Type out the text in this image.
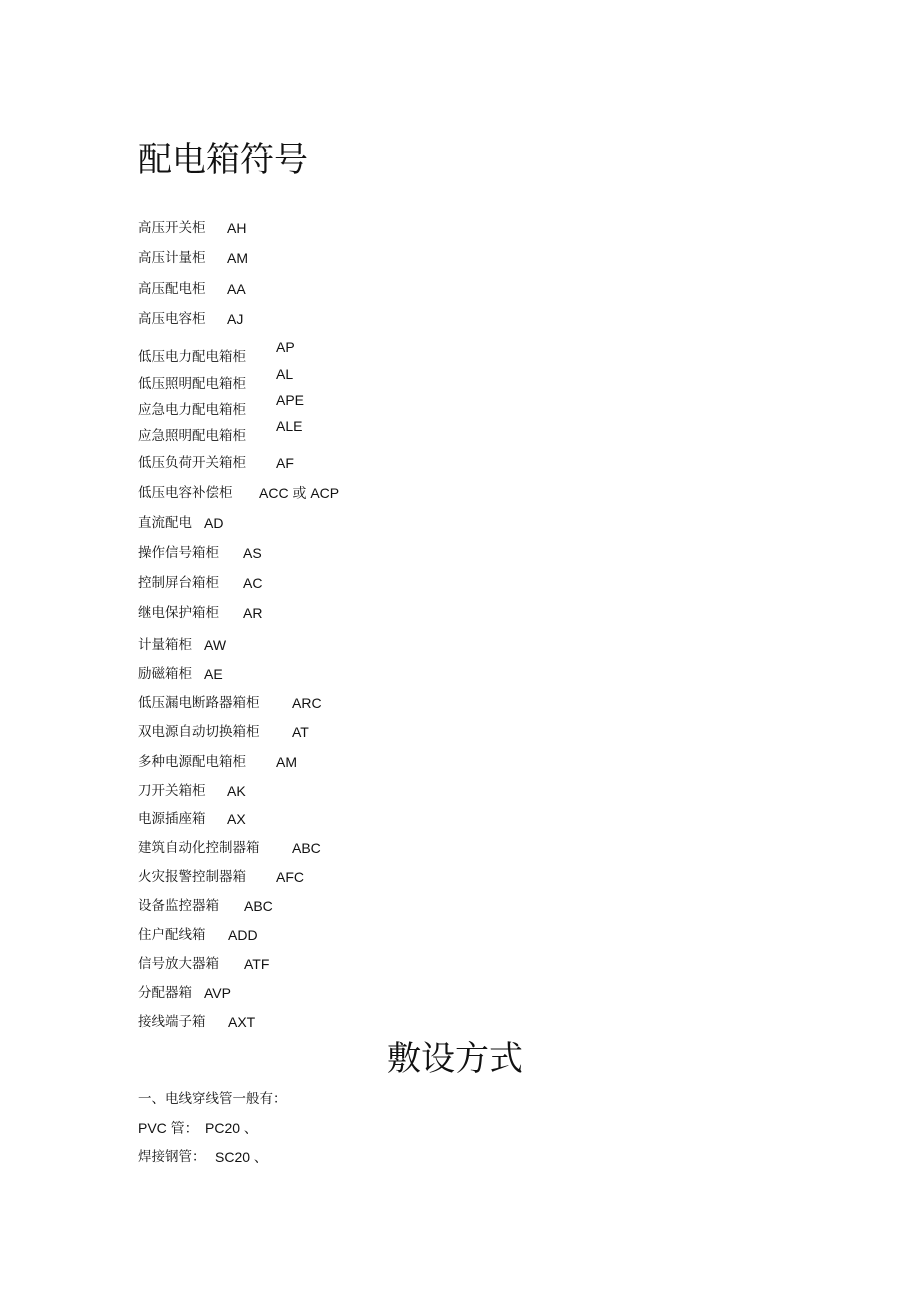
配电箱符号
高压开关柜 AH
高压计量柜 AM
高压配电柜 AA
高压电容柜 AJ
低压电力配电箱柜
AP
低压照明配电箱柜
AL
应急电力配电箱柜
APE
应急照明配电箱柜
ALE
低压负荷开关箱柜 AF
低压电容补偿柜 ACC 或 ACP
直流配电 AD
操作信号箱柜 AS
控制屏台箱柜 AC
继电保护箱柜 AR
计量箱柜 AW
励磁箱柜 AE
低压漏电断路器箱柜 ARC
双电源自动切换箱柜 AT
多种电源配电箱柜 AM
刀开关箱柜 AK
电源插座箱 AX
建筑自动化控制器箱 ABC
火灾报警控制器箱 AFC
设备监控器箱 ABC
住户配线箱 ADD
信号放大器箱 ATF
分配器箱 AVP
接线端子箱 AXT
敷设方式
一、电线穿线管一般有：
PVC 管： PC20 、
焊接钢管： SC20 、
